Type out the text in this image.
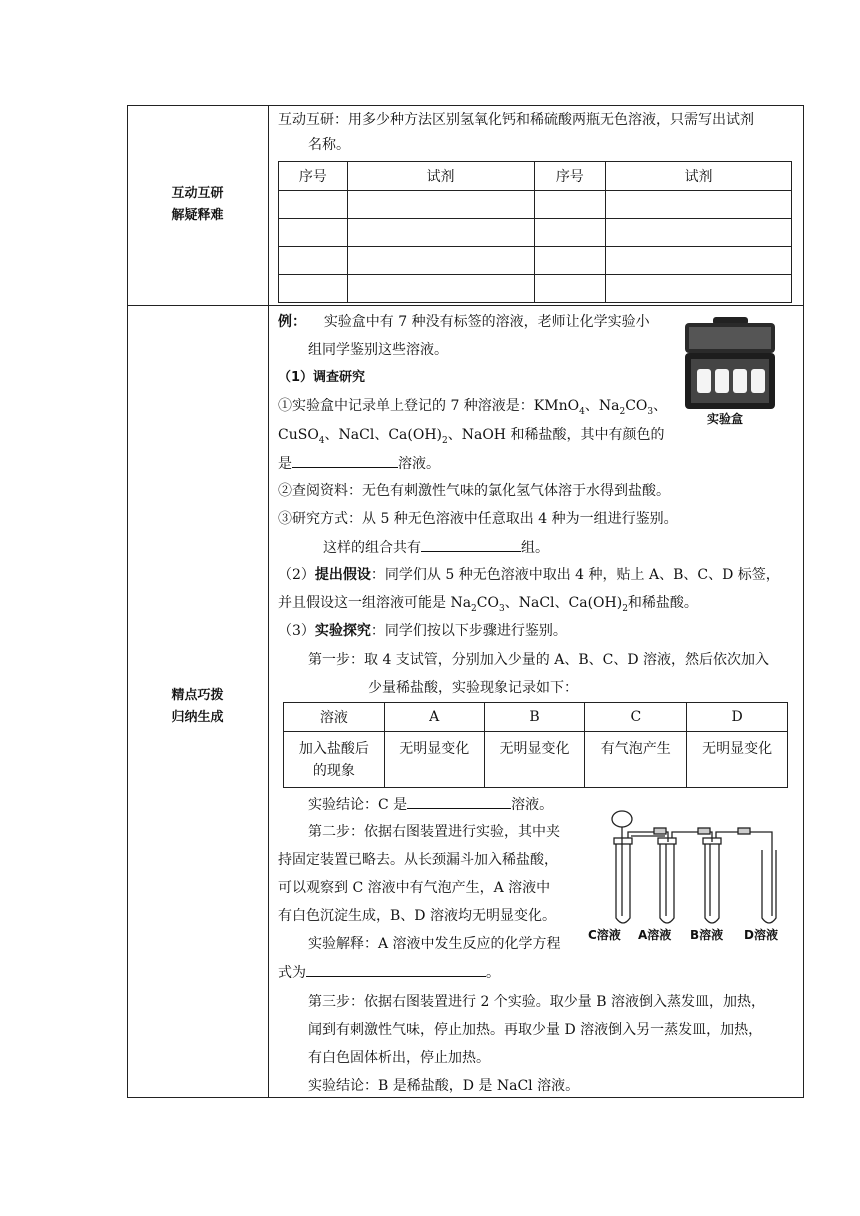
互动互研
解疑释难
互动互研：用多少种方法区别氢氧化钙和稀硫酸两瓶无色溶液，只需写出试剂
名称。
序号	试剂	序号	试剂

精点巧拨
归纳生成
例： 实验盒中有 7 种没有标签的溶液，老师让化学实验小
组同学鉴别这些溶液。
实验盒
（1）调查研究
①实验盒中记录单上登记的 7 种溶液是：KMnO$_4$、$Na_2CO_3$、
CuSO$_4$、NaCl、$Ca(OH)_2$、NaOH 和稀盐酸，其中有颜色的
是	溶液。
②查阅资料：无色有刺激性气味的氯化氢气体溶于水得到盐酸。
③研究方式：从 5 种无色溶液中任意取出 4 种为一组进行鉴别。
这样的组合共有	组。
（2）提出假设：同学们从 5 种无色溶液中取出 4 种，贴上 A、B、C、D 标签，
并且假设这一组溶液可能是 $Na_2CO_3$、NaCl、$Ca(OH)_2$和稀盐酸。
（3）实验探究：同学们按以下步骤进行鉴别。
第一步：取 4 支试管，分别加入少量的 A、B、C、D 溶液，然后依次加入
少量稀盐酸，实验现象记录如下：
溶液	A	B	C	D

加入盐酸后
的现象	无明显变化	无明显变化	有气泡产生	无明显变化
实验结论：C 是	溶液。
第二步：依据右图装置进行实验，其中夹
持固定装置已略去。从长颈漏斗加入稀盐酸，
可以观察到 C 溶液中有气泡产生，A 溶液中
有白色沉淀生成，B、D 溶液均无明显变化。
实验解释：A 溶液中发生反应的化学方程
式为	。
C溶液 A溶液 B溶液 D溶液
第三步：依据右图装置进行 2 个实验。取少量 B 溶液倒入蒸发皿，加热，
闻到有刺激性气味，停止加热。再取少量 D 溶液倒入另一蒸发皿，加热，
有白色固体析出，停止加热。
实验结论：B 是稀盐酸，D 是 NaCl 溶液。
